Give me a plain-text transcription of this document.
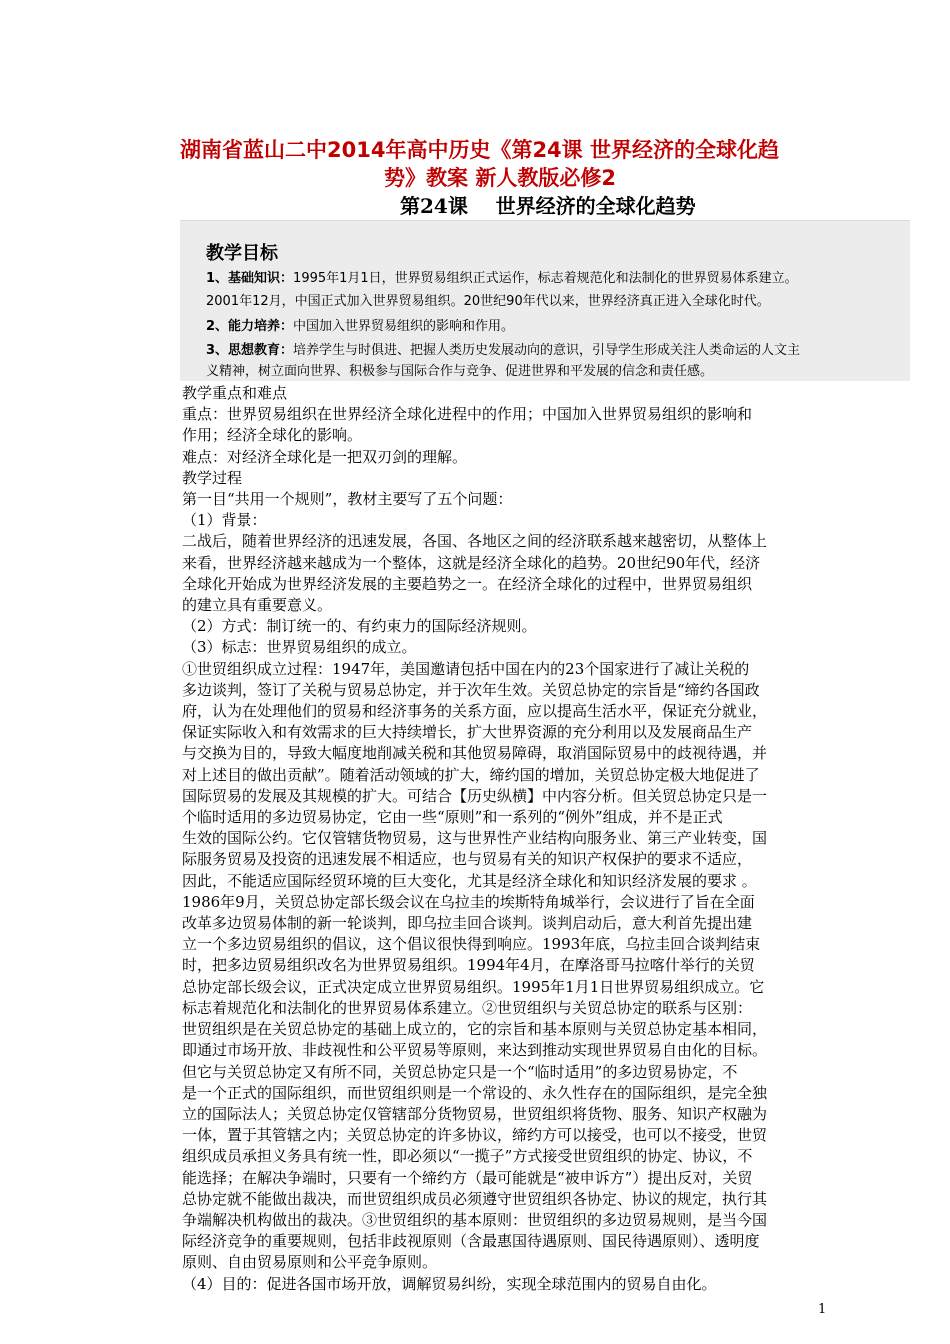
湖南省蓝山二中2014年高中历史《第24课 世界经济的全球化趋

势》教案 新人教版必修2
第24课    世界经济的全球化趋势
教学目标
1、基础知识：1995年1月1日，世界贸易组织正式运作，标志着规范化和法制化的世界贸易体系建立。
2001年12月，中国正式加入世界贸易组织。20世纪90年代以来，世界经济真正进入全球化时代。
2、能力培养：中国加入世界贸易组织的影响和作用。
3、思想教育：培养学生与时俱进、把握人类历史发展动向的意识，引导学生形成关注人类命运的人文主
义精神，树立面向世界、积极参与国际合作与竞争、促进世界和平发展的信念和责任感。

教学重点和难点

重点：世界贸易组织在世界经济全球化进程中的作用；中国加入世界贸易组织的影响和

作用；经济全球化的影响。

难点：对经济全球化是一把双刃剑的理解。

教学过程

第一目“共用一个规则”，教材主要写了五个问题：

（1）背景：

二战后，随着世界经济的迅速发展，各国、各地区之间的经济联系越来越密切，从整体上

来看，世界经济越来越成为一个整体，这就是经济全球化的趋势。20世纪90年代，经济

全球化开始成为世界经济发展的主要趋势之一。在经济全球化的过程中，世界贸易组织

的建立具有重要意义。

（2）方式：制订统一的、有约束力的国际经济规则。

（3）标志：世界贸易组织的成立。

①世贸组织成立过程：1947年，美国邀请包括中国在内的23个国家进行了减让关税的

多边谈判，签订了关税与贸易总协定，并于次年生效。关贸总协定的宗旨是“缔约各国政

府，认为在处理他们的贸易和经济事务的关系方面，应以提高生活水平，保证充分就业，

保证实际收入和有效需求的巨大持续增长，扩大世界资源的充分利用以及发展商品生产

与交换为目的，导致大幅度地削减关税和其他贸易障碍，取消国际贸易中的歧视待遇，并

对上述目的做出贡献”。随着活动领域的扩大，缔约国的增加，关贸总协定极大地促进了

国际贸易的发展及其规模的扩大。可结合【历史纵横】中内容分析。但关贸总协定只是一

个临时适用的多边贸易协定，它由一些“原则”和一系列的“例外”组成，并不是正式

生效的国际公约。它仅管辖货物贸易，这与世界性产业结构向服务业、第三产业转变，国

际服务贸易及投资的迅速发展不相适应，也与贸易有关的知识产权保护的要求不适应，

因此，不能适应国际经贸环境的巨大变化，尤其是经济全球化和知识经济发展的要求 。

1986年9月，关贸总协定部长级会议在乌拉圭的埃斯特角城举行，会议进行了旨在全面

改革多边贸易体制的新一轮谈判，即乌拉圭回合谈判。谈判启动后，意大利首先提出建

立一个多边贸易组织的倡议，这个倡议很快得到响应。1993年底，乌拉圭回合谈判结束

时，把多边贸易组织改名为世界贸易组织。1994年4月，在摩洛哥马拉喀什举行的关贸

总协定部长级会议，正式决定成立世界贸易组织。1995年1月1日世界贸易组织成立。它

标志着规范化和法制化的世界贸易体系建立。②世贸组织与关贸总协定的联系与区别：

世贸组织是在关贸总协定的基础上成立的，它的宗旨和基本原则与关贸总协定基本相同，

即通过市场开放、非歧视性和公平贸易等原则，来达到推动实现世界贸易自由化的目标。

但它与关贸总协定又有所不同，关贸总协定只是一个“临时适用”的多边贸易协定，不

是一个正式的国际组织，而世贸组织则是一个常设的、永久性存在的国际组织，是完全独

立的国际法人；关贸总协定仅管辖部分货物贸易，世贸组织将货物、服务、知识产权融为

一体，置于其管辖之内；关贸总协定的许多协议，缔约方可以接受，也可以不接受，世贸

组织成员承担义务具有统一性，即必须以“一揽子”方式接受世贸组织的协定、协议，不

能选择；在解决争端时，只要有一个缔约方（最可能就是“被申诉方”）提出反对，关贸

总协定就不能做出裁决，而世贸组织成员必须遵守世贸组织各协定、协议的规定，执行其

争端解决机构做出的裁决。③世贸组织的基本原则：世贸组织的多边贸易规则，是当今国

际经济竞争的重要规则，包括非歧视原则（含最惠国待遇原则、国民待遇原则）、透明度

原则、自由贸易原则和公平竞争原则。

（4）目的：促进各国市场开放，调解贸易纠纷，实现全球范围内的贸易自由化。

1
